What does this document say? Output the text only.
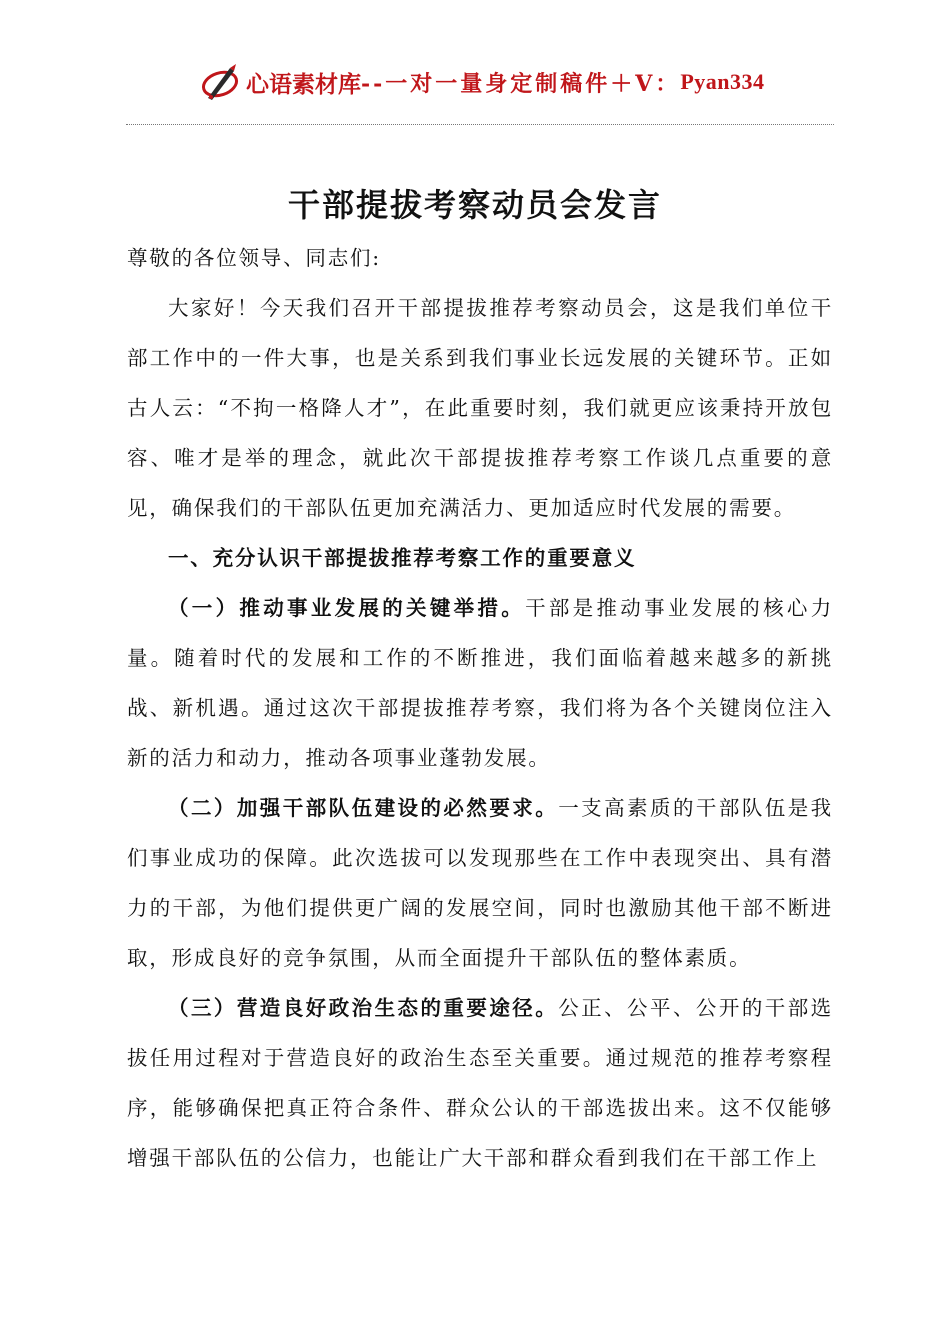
心语素材库 --一对一量身定制稿件＋V： Pyan334
干部提拔考察动员会发言

尊敬的各位领导、同志们:

大家好！今天我们召开干部提拔推荐考察动员会，这是我们单位干部工作中的一件大事，也是关系到我们事业长远发展的关键环节。正如古人云：“不拘一格降人才”，在此重要时刻，我们就更应该秉持开放包容、唯才是举的理念，就此次干部提拔推荐考察工作谈几点重要的意见，确保我们的干部队伍更加充满活力、更加适应时代发展的需要。

一、充分认识干部提拔推荐考察工作的重要意义

（一）推动事业发展的关键举措。干部是推动事业发展的核心力量。随着时代的发展和工作的不断推进，我们面临着越来越多的新挑战、新机遇。通过这次干部提拔推荐考察，我们将为各个关键岗位注入新的活力和动力，推动各项事业蓬勃发展。

（二）加强干部队伍建设的必然要求。一支高素质的干部队伍是我们事业成功的保障。此次选拔可以发现那些在工作中表现突出、具有潜力的干部，为他们提供更广阔的发展空间，同时也激励其他干部不断进取，形成良好的竞争氛围，从而全面提升干部队伍的整体素质。

（三）营造良好政治生态的重要途径。公正、公平、公开的干部选拔任用过程对于营造良好的政治生态至关重要。通过规范的推荐考察程序，能够确保把真正符合条件、群众公认的干部选拔出来。这不仅能够增强干部队伍的公信力，也能让广大干部和群众看到我们在干部工作上
